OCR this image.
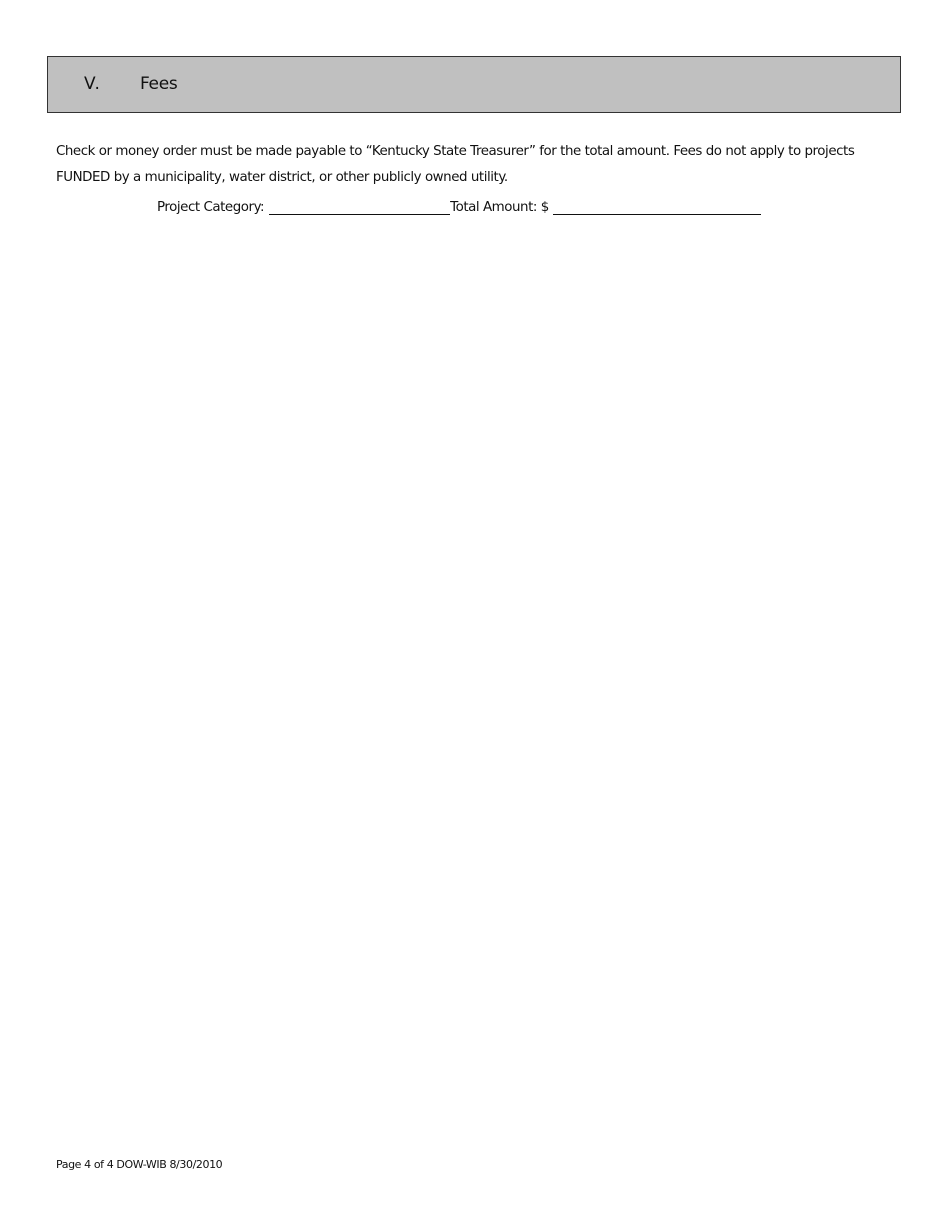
V. Fees

Check or money order must be made payable to “Kentucky State Treasurer” for the total amount. Fees do not apply to projects
FUNDED by a municipality, water district, or other publicly owned utility.

Project Category:	Total Amount: $
Page 4 of 4 DOW-WIB 8/30/2010
